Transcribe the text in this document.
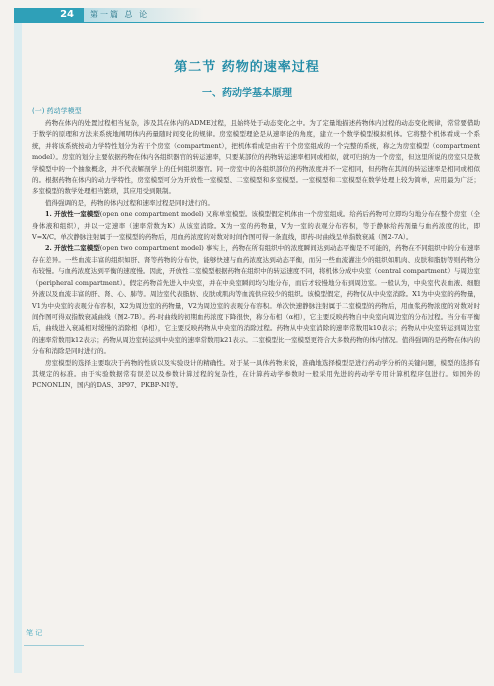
24	第一篇 总 论
第二节 药物的速率过程
一、药动学基本原理
(一) 药动学模型

药物在体内的处置过程相当复杂，涉及其在体内的ADME过程，且始终处于动态变化之中。为了定量地描述药物体内过程的动态变化规律，常常要借助于数学的原理和方法来系统地阐明体内药量随时间变化的规律。房室模型理论是从速率论的角度，建立一个数学模型模拟机体。它将整个机体看成一个系统，并将该系统按动力学特性划分为若干个房室（compartment），把机体看成是由若干个房室组成的一个完整的系统，称之为房室模型（compartment model）。房室的划分主要依据药物在体内各组织器官的转运速率，只要某部位的药物转运速率相同或相似，就可归纳为一个房室，但这里所说的房室只是数学模型中的一个抽象概念，并不代表解剖学上的任何组织器官。同一房室中的各组织部位的药物浓度并不一定相同，但药物在其间的转运速率是相同或相似的。根据药物在体内的动力学特性，房室模型可分为开放性一室模型、二室模型和多室模型。一室模型和二室模型在数学处理上较为简单，应用最为广泛；多室模型的数学处理相当繁琐，其应用受到限制。

值得强调的是，药物的体内过程和速率过程是同时进行的。

1. 开放性一室模型(open one compartment model) 又称单室模型。该模型假定机体由一个房室组成。给药后药物可立即均匀地分布在整个房室（全身体液和组织），并以一定速率（速率常数为K）从该室消除。X为一室的药物量，V为一室的表观分布容积，等于静脉给药剂量与血药浓度的比，即V=X/C。单次静脉注射属于一室模型的药物后，用血药浓度的对数对时间作图可得一条直线，即药-时曲线呈单指数衰减（图2-7A）。

2. 开放性二室模型(open two compartment model) 事实上，药物在所有组织中的浓度瞬间达到动态平衡是不可能的，药物在不同组织中的分布速率存在差异。一些血流丰富的组织如肝、肾等药物的分布快，能够快速与血药浓度达到动态平衡，而另一些血流灌注少的组织如肌肉、皮肤和脂肪等则药物分布较慢。与血药浓度达到平衡的速度慢。因此，开放性二室模型根据药物在组织中的转运速度不同，将机体分成中央室（central compartment）与周边室（peripheral compartment）。假定药物首先进入中央室，并在中央室瞬间均匀地分布，而后才较慢地分布到周边室。一般认为，中央室代表血液、细胞外液以及血流丰富的肝、肾、心、肺等。周边室代表脂肪、皮肤或肌肉等血流供应较少的组织。该模型假定，药物仅从中央室消除。X1为中央室的药物量，V1为中央室的表观分布容积，X2为周边室的药物量，V2为周边室的表观分布容积。单次快速静脉注射属于二室模型的药物后，用血浆药物浓度的对数对时间作图可得双指数衰减曲线（图2-7B）。药-时曲线的初期血药浓度下降很快，称分布相（α相），它主要反映药物自中央室向周边室的分布过程。当分布平衡后，曲线进入衰减相对缓慢的消除相（β相），它主要反映药物从中央室的消除过程。药物从中央室消除的速率常数用k10表示；药物从中央室转运到周边室的速率常数用k12表示；药物从周边室转运到中央室的速率常数用k21表示。二室模型比一室模型更符合大多数药物的体内情况。值得强调的是药物在体内的分布和消除是同时进行的。

房室模型的选择主要取决于药物的性质以及实验设计的精确性。对于某一具体药物来说，准确地选择模型是进行药动学分析的关键问题，模型的选择有其规定的标准。由于实验数据常有误差以及参数计算过程的复杂性，在计算药动学参数时一般采用先进的药动学专用计算机程序包进行。如国外的PCNONLIN，国内的DAS、3P97、PKBP-NI等。

笔 记
